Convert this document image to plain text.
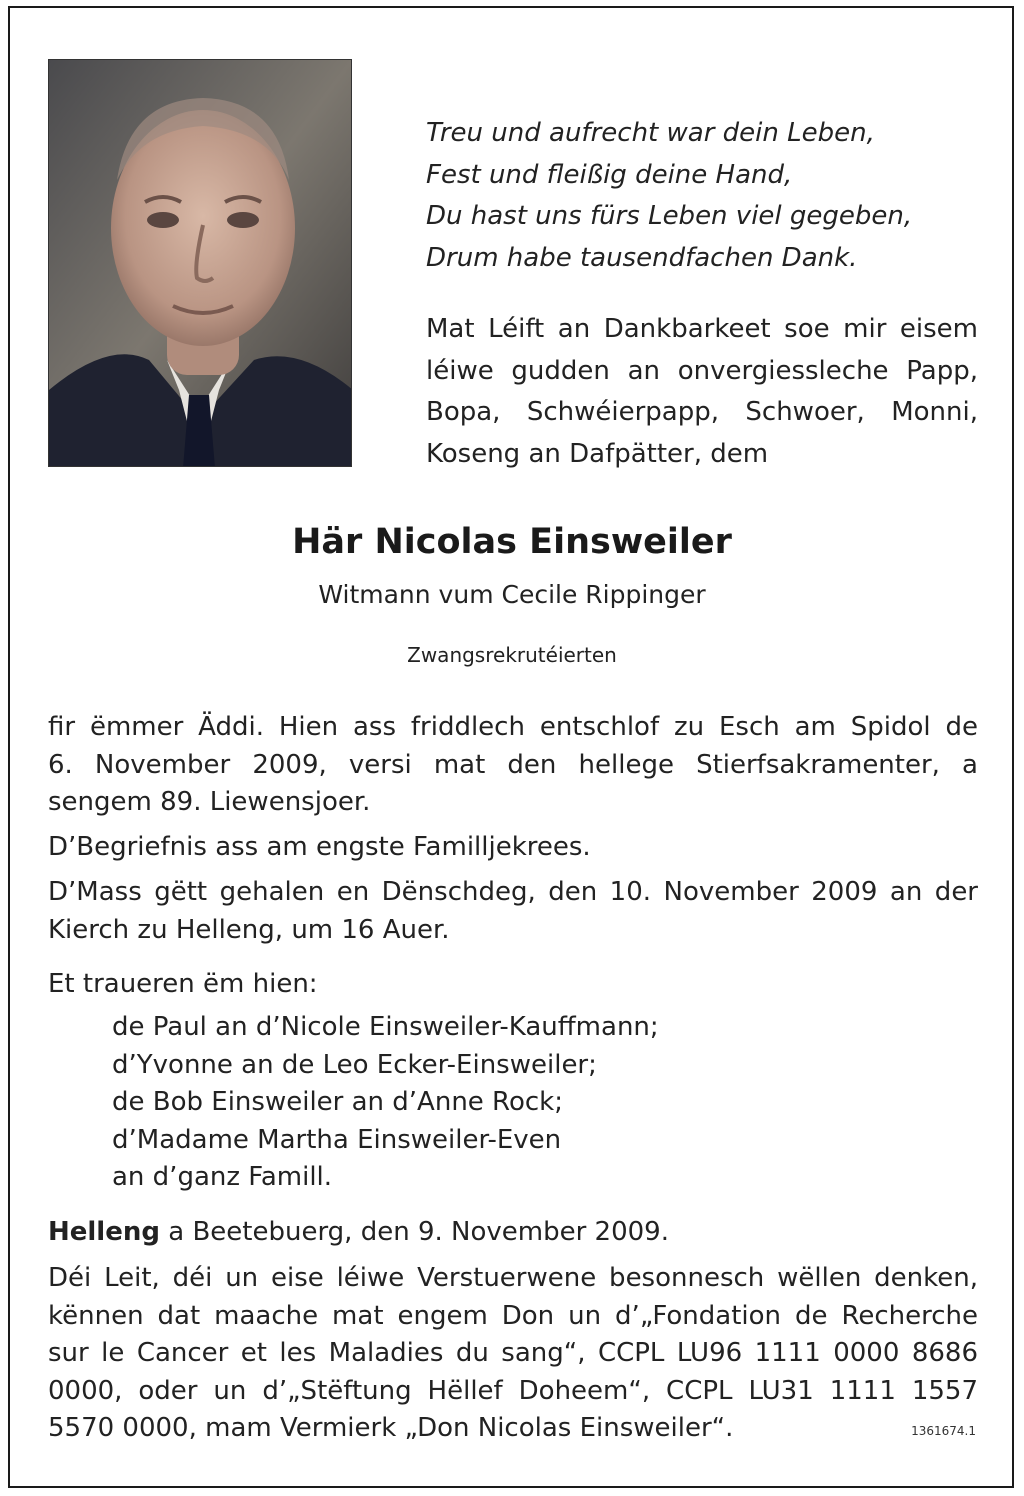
Treu und aufrecht war dein Leben,
Fest und fleißig deine Hand,
Du hast uns fürs Leben viel gegeben,
Drum habe tausendfachen Dank.
Mat Léift an Dankbarkeet soe mir eisem
léiwe gudden an onvergiessleche Papp,
Bopa, Schwéierpapp, Schwoer, Monni,
Koseng an Dafpätter, dem
Här Nicolas Einsweiler
Witmann vum Cecile Rippinger
Zwangsrekrutéierten
fir ëmmer Äddi. Hien ass friddlech entschlof zu Esch am Spidol de
6. November 2009, versi mat den hellege Stierfsakramenter, a
sengem 89. Liewensjoer.
D’Begriefnis ass am engste Familljekrees.
D’Mass gëtt gehalen en Dënschdeg, den 10. November 2009 an der
Kierch zu Helleng, um 16 Auer.
Et traueren ëm hien:
de Paul an d’Nicole Einsweiler-Kauffmann;
d’Yvonne an de Leo Ecker-Einsweiler;
de Bob Einsweiler an d’Anne Rock;
d’Madame Martha Einsweiler-Even
an d’ganz Famill.
Helleng a Beetebuerg, den 9. November 2009.
Déi Leit, déi un eise léiwe Verstuerwene besonnesch wëllen denken,
kënnen dat maache mat engem Don un d’„Fondation de Recherche
sur le Cancer et les Maladies du sang“, CCPL LU96 1111 0000 8686
0000, oder un d’„Stëftung Hëllef Doheem“, CCPL LU31 1111 1557
5570 0000, mam Vermierk „Don Nicolas Einsweiler“.	1361674.1
